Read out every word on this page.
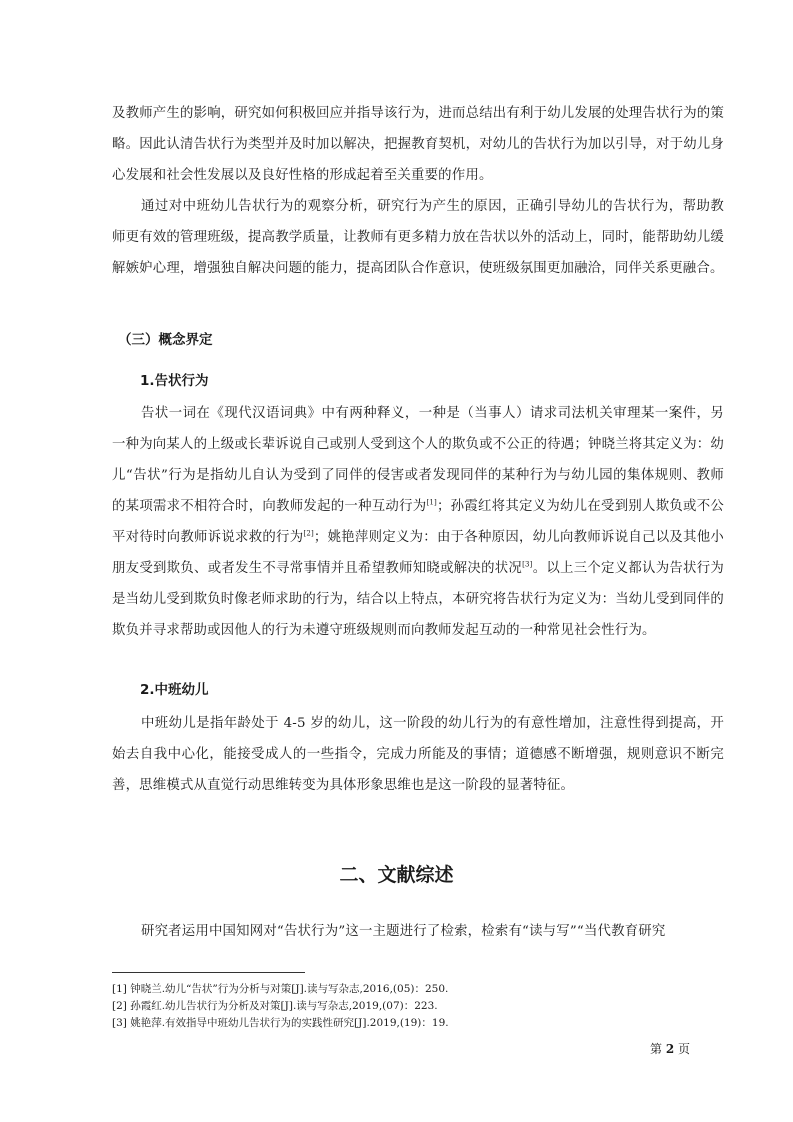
及教师产生的影响，研究如何积极回应并指导该行为，进而总结出有利于幼儿发展的处理告状行为的策略。因此认清告状行为类型并及时加以解决，把握教育契机，对幼儿的告状行为加以引导，对于幼儿身心发展和社会性发展以及良好性格的形成起着至关重要的作用。

通过对中班幼儿告状行为的观察分析，研究行为产生的原因，正确引导幼儿的告状行为，帮助教师更有效的管理班级，提高教学质量，让教师有更多精力放在告状以外的活动上，同时，能帮助幼儿缓解嫉妒心理，增强独自解决问题的能力，提高团队合作意识，使班级氛围更加融洽，同伴关系更融合。

（三）概念界定
1.告状行为

告状一词在《现代汉语词典》中有两种释义，一种是（当事人）请求司法机关审理某一案件，另一种为向某人的上级或长辈诉说自己或别人受到这个人的欺负或不公正的待遇；钟晓兰将其定义为：幼儿“告状”行为是指幼儿自认为受到了同伴的侵害或者发现同伴的某种行为与幼儿园的集体规则、教师的某项需求不相符合时，向教师发起的一种互动行为[1]；孙霞红将其定义为幼儿在受到别人欺负或不公平对待时向教师诉说求救的行为[2]；姚艳萍则定义为：由于各种原因，幼儿向教师诉说自己以及其他小朋友受到欺负、或者发生不寻常事情并且希望教师知晓或解决的状况[3]。以上三个定义都认为告状行为是当幼儿受到欺负时像老师求助的行为，结合以上特点，本研究将告状行为定义为：当幼儿受到同伴的欺负并寻求帮助或因他人的行为未遵守班级规则而向教师发起互动的一种常见社会性行为。

2.中班幼儿

中班幼儿是指年龄处于 4-5 岁的幼儿，这一阶段的幼儿行为的有意性增加，注意性得到提高，开始去自我中心化，能接受成人的一些指令，完成力所能及的事情；道德感不断增强，规则意识不断完善，思维模式从直觉行动思维转变为具体形象思维也是这一阶段的显著特征。

二、文献综述

研究者运用中国知网对“告状行为”这一主题进行了检索，检索有“读与写”“当代教育研究

[1] 钟晓兰.幼儿“告状”行为分析与对策[J].读与写杂志,2016,(05)：250.

[2] 孙霞红.幼儿告状行为分析及对策[J].读与写杂志,2019,(07)：223.

[3] 姚艳萍.有效指导中班幼儿告状行为的实践性研究[J].2019,(19)：19.

第 2 页
